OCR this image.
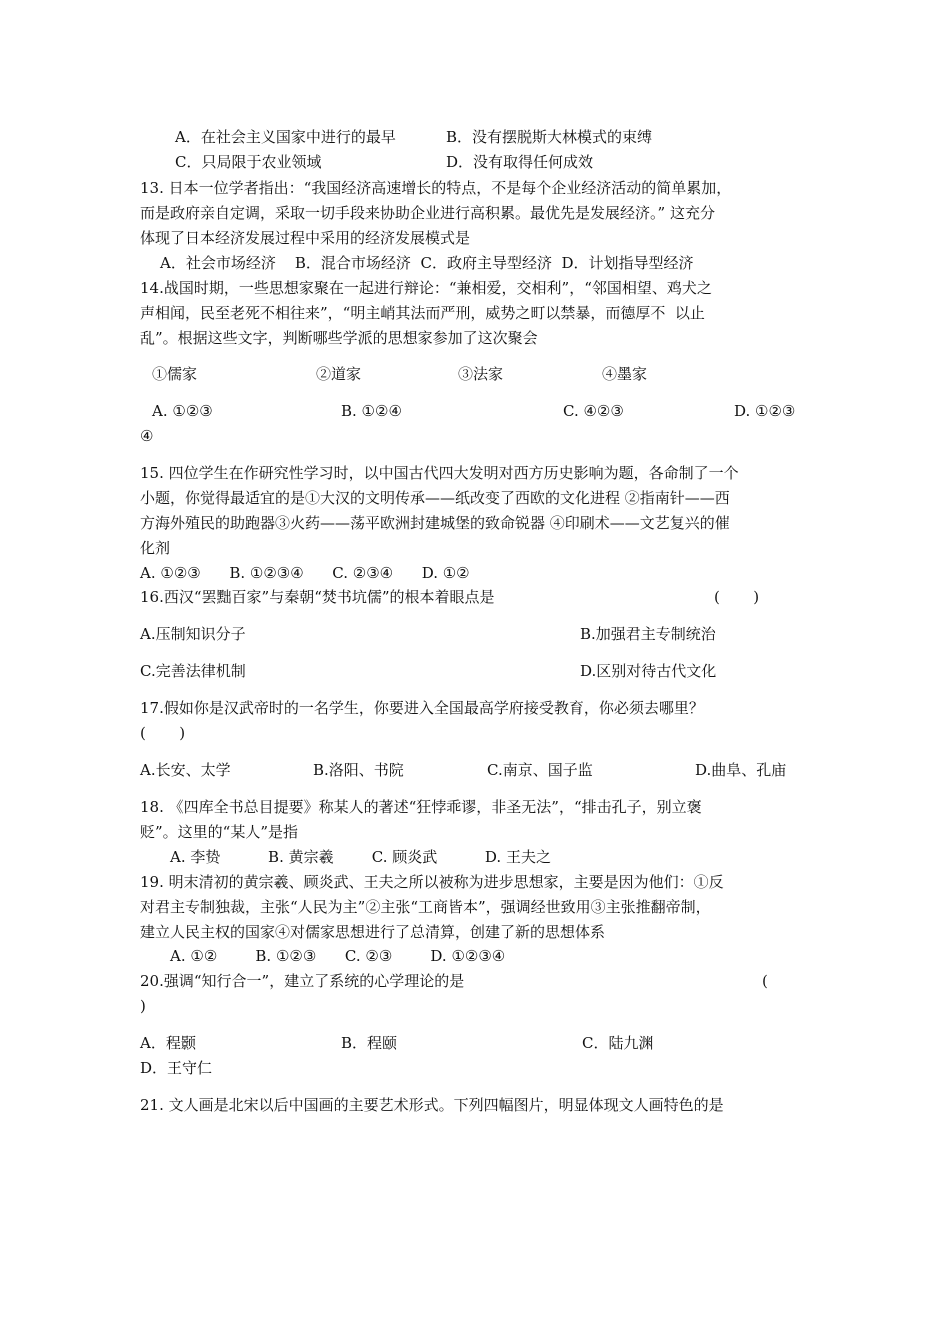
A．在社会主义国家中进行的最早	B．没有摆脱斯大林模式的束缚
C．只局限于农业领域	D．没有取得任何成效
13. 日本一位学者指出：“我国经济高速增长的特点，不是每个企业经济活动的简单累加，
而是政府亲自定调，采取一切手段来协助企业进行高积累。最优先是发展经济。” 这充分
体现了日本经济发展过程中采用的经济发展模式是
A．社会市场经济    B．混合市场经济  C．政府主导型经济  D．计划指导型经济
14.战国时期，一些思想家聚在一起进行辩论：“兼相爱，交相利”，“邻国相望、鸡犬之
声相闻，民至老死不相往来”，“明主峭其法而严刑，威势之町以禁暴，而德厚不  以止
乱”。根据这些文字，判断哪些学派的思想家参加了这次聚会
①儒家	②道家	③法家	④墨家
A. ①②③	B. ①②④	C. ④②③	D. ①②③
④
15. 四位学生在作研究性学习时，以中国古代四大发明对西方历史影响为题，各命制了一个
小题，你觉得最适宜的是①大汉的文明传承——纸改变了西欧的文化进程 ②指南针——西
方海外殖民的助跑器③火药——荡平欧洲封建城堡的致命锐器 ④印刷术——文艺复兴的催
化剂
A. ①②③      B. ①②③④      C. ②③④      D. ①②
16.西汉“罢黜百家”与秦朝“焚书坑儒”的根本着眼点是	(       )
A.压制知识分子	B.加强君主专制统治
C.完善法律机制	D.区别对待古代文化
17.假如你是汉武帝时的一名学生，你要进入全国最高学府接受教育，你必须去哪里？
(       )
A.长安、太学	B.洛阳、书院	C.南京、国子监	D.曲阜、孔庙
18. 《四库全书总目提要》称某人的著述“狂悖乖谬，非圣无法”，“排击孔子，别立褒
贬”。这里的“某人”是指
A. 李贽          B. 黄宗羲        C. 顾炎武          D. 王夫之
19. 明末清初的黄宗羲、顾炎武、王夫之所以被称为进步思想家，主要是因为他们：①反
对君主专制独裁，主张“人民为主”②主张“工商皆本”，强调经世致用③主张推翻帝制，
建立人民主权的国家④对儒家思想进行了总清算，创建了新的思想体系
A. ①②        B. ①②③      C. ②③        D. ①②③④
20.强调“知行合一”，建立了系统的心学理论的是	(
)
A．程颢	B．程颐	C．陆九渊
D．王守仁
21. 文人画是北宋以后中国画的主要艺术形式。下列四幅图片，明显体现文人画特色的是
